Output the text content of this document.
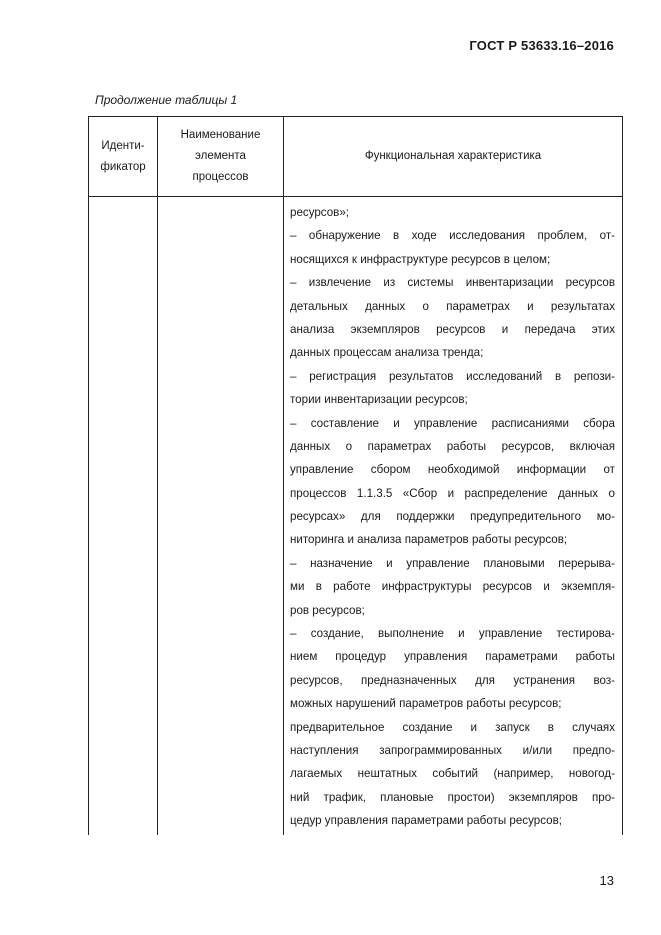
ГОСТ Р 53633.16–2016
Продолжение таблицы 1
Иденти-
фикатор
Наименование
элемента
процессов
Функциональная характеристика
ресурсов»;
– обнаружение в ходе исследования проблем, от-
носящихся к инфраструктуре ресурсов в целом;
– извлечение из системы инвентаризации ресурсов
детальных данных о параметрах и результатах
анализа экземпляров ресурсов и передача этих
данных процессам анализа тренда;
– регистрация результатов исследований в репози-
тории инвентаризации ресурсов;
– составление и управление расписаниями сбора
данных о параметрах работы ресурсов, включая
управление сбором необходимой информации от
процессов 1.1.3.5 «Сбор и распределение данных о
ресурсах» для поддержки предупредительного мо-
ниторинга и анализа параметров работы ресурсов;
– назначение и управление плановыми перерыва-
ми в работе инфраструктуры ресурсов и экземпля-
ров ресурсов;
– создание, выполнение и управление тестирова-
нием процедур управления параметрами работы
ресурсов, предназначенных для устранения воз-
можных нарушений параметров работы ресурсов;
предварительное создание и запуск в случаях
наступления запрограммированных и/или предпо-
лагаемых нештатных событий (например, новогод-
ний трафик, плановые простои) экземпляров про-
цедур управления параметрами работы ресурсов;
13
